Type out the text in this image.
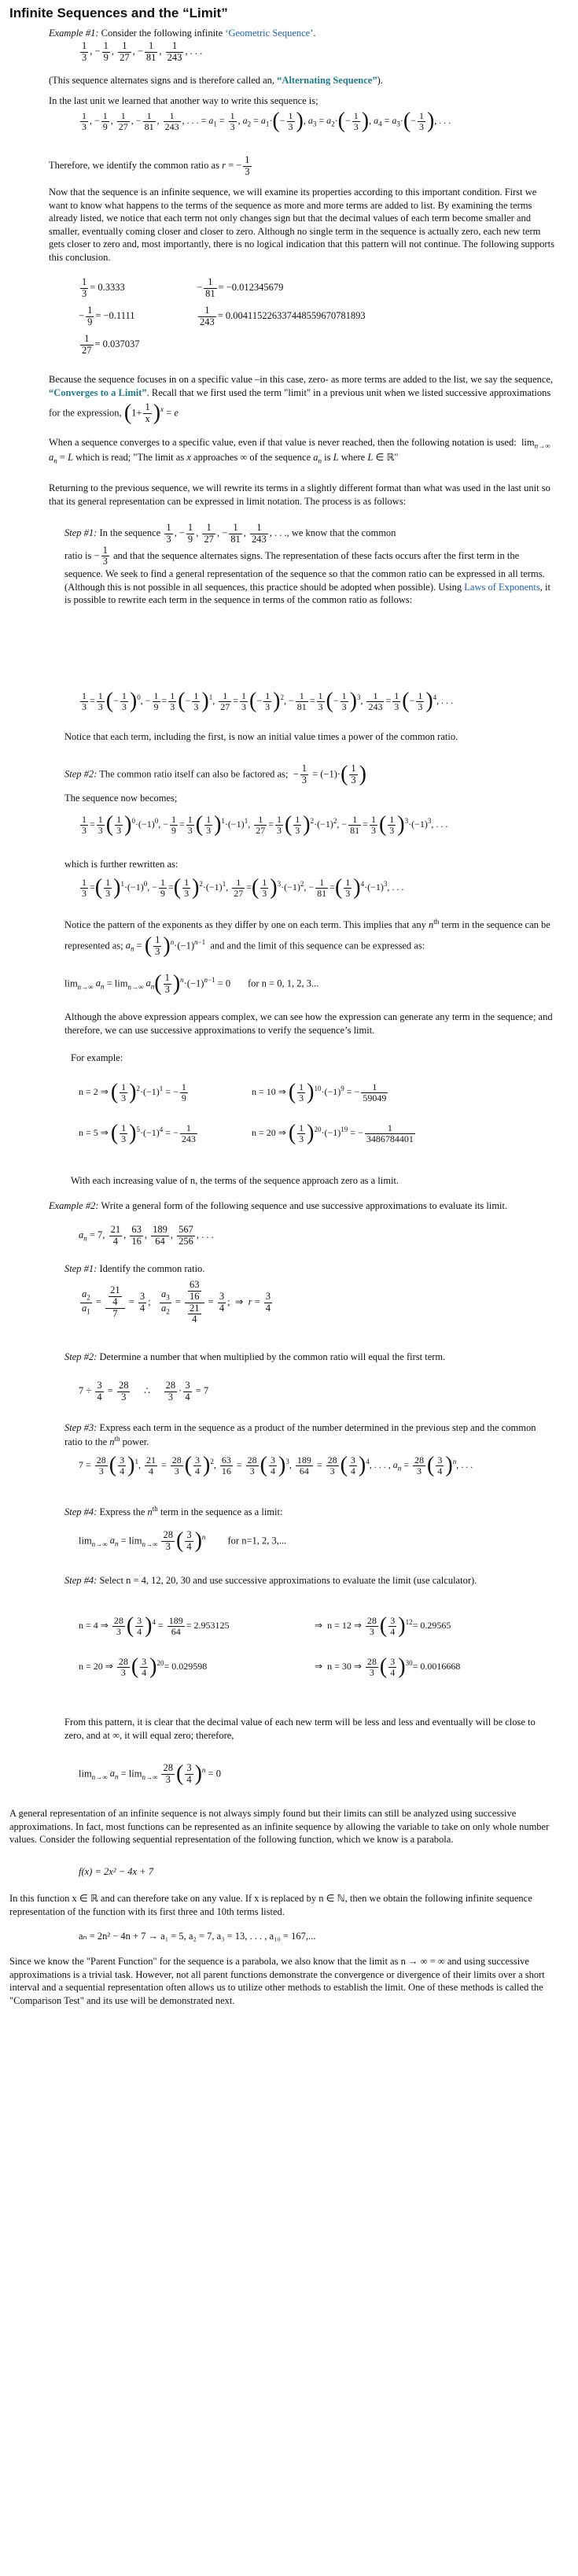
Infinite Sequences and the “Limit”

Example #1: Consider the following infinite ‘Geometric Sequence’.

$\frac{1}{3}$ , − $\frac{1}{9}$ , $\frac{1}{27}$ , − $\frac{1}{81}$ , $\frac{1}{243}$ , . . .

(This sequence alternates signs and is therefore called an, “Alternating Sequence”).

In the last unit we learned that another way to write this sequence is;

$\frac{1}{3}$ , − $\frac{1}{9}$ , $\frac{1}{27}$ , − $\frac{1}{81}$ , $\frac{1}{243}$ , . . . = $a_1 = \frac{1}{3}$ , $a_2 = a_1\cdot(- \frac{1}{3}$ ), $a_3 = a_2\cdot(- \frac{1}{3}$ ), $a_4 = a_3\cdot(- \frac{1}{3}$ ), . . .

Therefore, we identify the common ratio as r = − $\frac{1}{3}$

Now that the sequence is an infinite sequence, we will examine its properties according to this important condition. First we want to know what happens to the terms of the sequence as more and more terms are added to list. By examining the terms already listed, we notice that each term not only changes sign but that the decimal values of each term become smaller and smaller, eventually coming closer and closer to zero. Although no single term in the sequence is actually zero, each new term gets closer to zero and, most importantly, there is no logical indication that this pattern will not continue. The following supports this conclusion.

$\frac{1}{3} = 0.3333$	− $\frac{1}{81} = -0.012345679$
− $\frac{1}{9} = -0.1111$	$\frac{1}{243} = 0.004115226337448559670781893$
$\frac{1}{27} = 0.037037$

Because the sequence focuses in on a specific value –in this case, zero- as more terms are added to the list, we say the sequence, “Converges to a Limit”. Recall that we first used the term "limit" in a previous unit when we listed successive approximations for the expression, $(1+ \frac{1}{x} )^x = e$

When a sequence converges to a specific value, even if that value is never reached, then the following notation is used:  $\lim_{n\to\infty} a_n = L$ which is read; "The limit as x approaches ∞ of the sequence $a_n$ is L where L ∈ ℝ"

Returning to the previous sequence, we will rewrite its terms in a slightly different format than what was used in the last unit so that its general representation can be expressed in limit notation. The process is as follows:

Step #1: In the sequence $\frac{1}{3}$ , − $\frac{1}{9}$ , $\frac{1}{27}$ , − $\frac{1}{81}$ , $\frac{1}{243}$ , . . ., we know that the common
ratio is − $\frac{1}{3}$ and that the sequence alternates signs. The representation of these facts occurs after the first term in the sequence. We seek to find a general representation of the sequence so that the common ratio can be expressed in all terms. (Although this is not possible in all sequences, this practice should be adopted when possible). Using Laws of Exponents, it is possible to rewrite each term in the sequence in terms of the common ratio as follows:

$\frac{1}{3} = \frac{1}{3}$ (− $\frac{1}{3} )^0$, − $\frac{1}{9} = \frac{1}{3}$ (− $\frac{1}{3} )^1$, $\frac{1}{27} = \frac{1}{3}$ (− $\frac{1}{3} )^2$, − $\frac{1}{81} = \frac{1}{3}$ (− $\frac{1}{3} )^3$, $\frac{1}{243} = \frac{1}{3}$ (− $\frac{1}{3} )^4$, . . .

Notice that each term, including the first, is now an initial value times a power of the common ratio.

Step #2: The common ratio itself can also be factored as;  − $\frac{1}{3} = (-1)\cdot( \frac{1}{3}$ )

The sequence now becomes;

$\frac{1}{3} = \frac{1}{3}$ ( $\frac{1}{3} )^0\cdot(-1)^0$, − $\frac{1}{9} = \frac{1}{3}$ ( $\frac{1}{3} )^1\cdot(-1)^1$, $\frac{1}{27} = \frac{1}{3}$ ( $\frac{1}{3} )^2\cdot(-1)^2$, − $\frac{1}{81} = \frac{1}{3}$ ( $\frac{1}{3} )^3\cdot(-1)^3$, . . .

which is further rewritten as:

$\frac{1}{3}$ =( $\frac{1}{3} )^1\cdot(-1)^0$, − $\frac{1}{9}$ =( $\frac{1}{3} )^2\cdot(-1)^1$, $\frac{1}{27}$ =( $\frac{1}{3} )^3\cdot(-1)^2$, − $\frac{1}{81}$ =( $\frac{1}{3} )^4\cdot(-1)^3$, . . .

Notice the pattern of the exponents as they differ by one on each term. This implies that any $n^{th}$ term in the sequence can be represented as; $a_n$ = ( $\frac{1}{3} )^n\cdot(-1)^{n-1}$  and and the limit of this sequence can be expressed as:

$\lim_{n\to\infty} a_n = \lim_{n\to\infty} a_n( \frac{1}{3} )^n\cdot(-1)^{n-1} = 0$       for n = 0, 1, 2, 3...

Although the above expression appears complex, we can see how the expression can generate any term in the sequence; and therefore, we can use successive approximations to verify the sequence’s limit.

For example:

n = 2 ⇒ ( $\frac{1}{3} )^2\cdot(-1)^1$ = − $\frac{1}{9}$	n = 10 ⇒ ( $\frac{1}{3} )^{10}\cdot(-1)^9$ = − $\frac{1}{59049}$
n = 5 ⇒ ( $\frac{1}{3} )^5\cdot(-1)^4$ = − $\frac{1}{243}$	n = 20 ⇒ ( $\frac{1}{3} )^{20}\cdot(-1)^{19}$ = − $\frac{1}{3486784401}$

With each increasing value of n, the terms of the sequence approach zero as a limit.

Example #2: Write a general form of the following sequence and use successive approximations to evaluate its limit.

$a_n = 7$, $\frac{21}{4}$ , $\frac{63}{16}$ , $\frac{189}{64}$ , $\frac{567}{256}$ , . . .

Step #1: Identify the common ratio.

$\frac{a_2}{a_1} = \frac{\frac{21}{4}}{7} = \frac{3}{4}$ ; $\frac{a_3}{a_2} = \frac{\frac{63}{16}}{\frac{21}{4}} = \frac{3}{4}$ ;  ⇒  $r = \frac{3}{4}$

Step #2: Determine a number that when multiplied by the common ratio will equal the first term.

$7 \div \frac{3}{4} = \frac{28}{3}$ ∴ $\frac{28}{3} \cdot \frac{3}{4} = 7$

Step #3: Express each term in the sequence as a product of the number determined in the previous step and the common ratio to the $n^{th}$ power.

$7 = \frac{28}{3}$ ( $\frac{3}{4} )^1$, $\frac{21}{4} = \frac{28}{3}$ ( $\frac{3}{4} )^2$, $\frac{63}{16} = \frac{28}{3}$ ( $\frac{3}{4} )^3$, $\frac{189}{64} = \frac{28}{3}$ ( $\frac{3}{4} )^4$, . . . , $a_n = \frac{28}{3}$ ( $\frac{3}{4} )^n$, . . .

Step #4: Express the $n^{th}$ term in the sequence as a limit:

$\lim_{n\to\infty} a_n = \lim_{n\to\infty} \frac{28}{3}$ ( $\frac{3}{4} )^n$ for n=1, 2, 3,...

Step #4: Select n = 4, 12, 20, 30 and use successive approximations to evaluate the limit (use calculator).

n = 4 ⇒ $\frac{28}{3}$ ( $\frac{3}{4} )^4 = \frac{189}{64} = 2.953125$	⇒  n = 12 ⇒ $\frac{28}{3}$ ( $\frac{3}{4} )^{12}= 0.29565$
n = 20 ⇒ $\frac{28}{3}$ ( $\frac{3}{4} )^{20}= 0.029598$	⇒  n = 30 ⇒ $\frac{28}{3}$ ( $\frac{3}{4} )^{30}= 0.0016668$

From this pattern, it is clear that the decimal value of each new term will be less and less and eventually will be close to zero, and at ∞, it will equal zero; therefore,

$\lim_{n\to\infty} a_n = \lim_{n\to\infty} \frac{28}{3}$ ( $\frac{3}{4} )^n = 0$

A general representation of an infinite sequence is not always simply found but their limits can still be analyzed using successive approximations. In fact, most functions can be represented as an infinite sequence by allowing the variable to take on only whole number values. Consider the following sequential representation of the following function, which we know is a parabola.

f(x) = 2x² − 4x + 7

In this function x ∈ ℝ and can therefore take on any value. If x is replaced by n ∈ ℕ, then we obtain the following infinite sequence representation of the function with its first three and 10th terms listed.

aₙ = 2n² − 4n + 7 → a₁ = 5, a₂ = 7, a₃ = 13, . . . , a₁₀ = 167,...

Since we know the "Parent Function" for the sequence is a parabola, we also know that the limit as n → ∞ = ∞ and using successive approximations is a trivial task. However, not all parent functions demonstrate the convergence or divergence of their limits over a short interval and a sequential representation often allows us to utilize other methods to establish the limit. One of these methods is called the "Comparison Test" and its use will be demonstrated next.
